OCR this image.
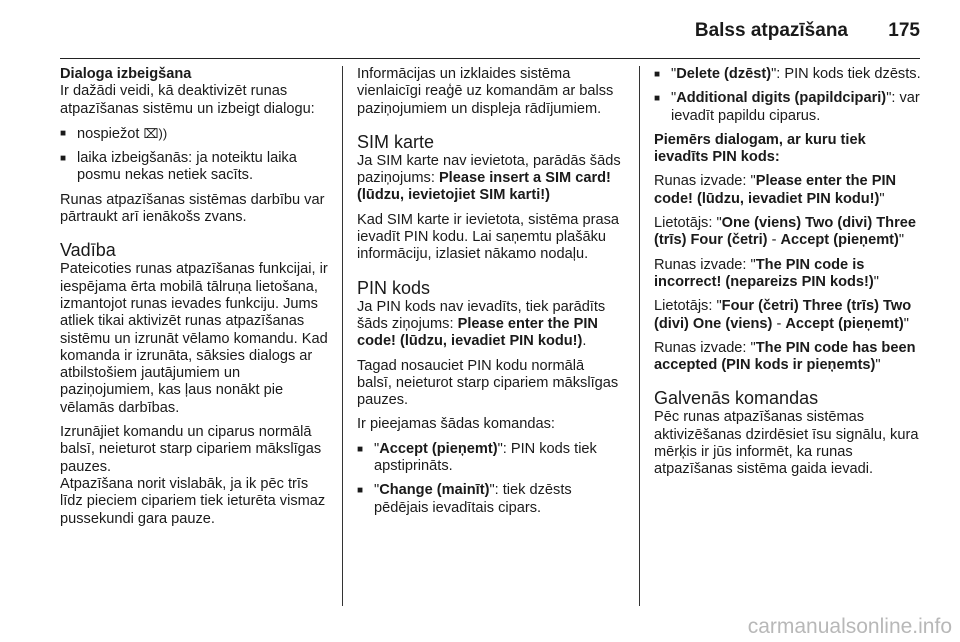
Balss atpazīšana 175
Dialoga izbeigšana

Ir dažādi veidi, kā deaktivizēt runas atpazīšanas sistēmu un izbeigt dialogu:

■ nospiežot ⌧))
■ laika izbeigšanās: ja noteiktu laika posmu nekas netiek sacīts.

Runas atpazīšanas sistēmas darbību var pārtraukt arī ienākošs zvans.

Vadība

Pateicoties runas atpazīšanas funkcijai, ir iespējama ērta mobilā tālruņa lietošana, izmantojot runas ievades funkciju. Jums atliek tikai aktivizēt runas atpazīšanas sistēmu un izrunāt vēlamo komandu. Kad komanda ir izrunāta, sāksies dialogs ar atbilstošiem jautājumiem un paziņojumiem, kas ļaus nonākt pie vēlamās darbības.

Izrunājiet komandu un ciparus normālā balsī, neieturot starp cipariem mākslīgas pauzes.

Atpazīšana norit vislabāk, ja ik pēc trīs līdz pieciem cipariem tiek ieturēta vismaz pussekundi gara pauze.

Informācijas un izklaides sistēma vienlaicīgi reaģē uz komandām ar balss paziņojumiem un displeja rādījumiem.

SIM karte

Ja SIM karte nav ievietota, parādās šāds paziņojums: Please insert a SIM card! (lūdzu, ievietojiet SIM karti!)

Kad SIM karte ir ievietota, sistēma prasa ievadīt PIN kodu. Lai saņemtu plašāku informāciju, izlasiet nākamo nodaļu.

PIN kods

Ja PIN kods nav ievadīts, tiek parādīts šāds ziņojums: Please enter the PIN code! (lūdzu, ievadiet PIN kodu!).

Tagad nosauciet PIN kodu normālā balsī, neieturot starp cipariem mākslīgas pauzes.

Ir pieejamas šādas komandas:

■ "Accept (pieņemt)": PIN kods tiek apstiprināts.
■ "Change (mainīt)": tiek dzēsts pēdējais ievadītais cipars.
■ "Delete (dzēst)": PIN kods tiek dzēsts.
■ "Additional digits (papildcipari)": var ievadīt papildu ciparus.
Piemērs dialogam, ar kuru tiek ievadīts PIN kods:

Runas izvade: "Please enter the PIN code! (lūdzu, ievadiet PIN kodu!)"

Lietotājs: "One (viens) Two (divi) Three (trīs) Four (četri) - Accept (pieņemt)"

Runas izvade: "The PIN code is incorrect! (nepareizs PIN kods!)"

Lietotājs: "Four (četri) Three (trīs) Two (divi) One (viens) - Accept (pieņemt)"

Runas izvade: "The PIN code has been accepted (PIN kods ir pieņemts)"

Galvenās komandas

Pēc runas atpazīšanas sistēmas aktivizēšanas dzirdēsiet īsu signālu, kura mērķis ir jūs informēt, ka runas atpazīšanas sistēma gaida ievadi.

carmanualsonline.info
